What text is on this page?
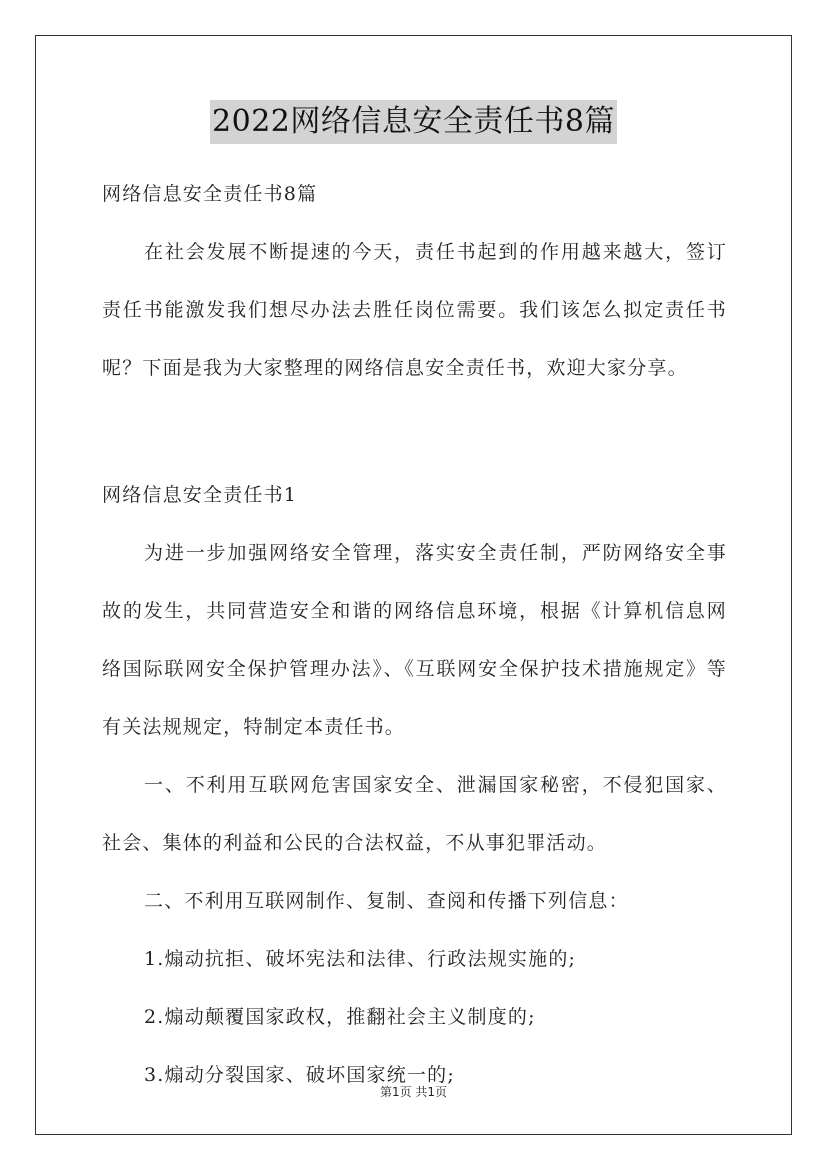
2022网络信息安全责任书8篇
网络信息安全责任书8篇
在社会发展不断提速的今天，责任书起到的作用越来越大，签订
责任书能激发我们想尽办法去胜任岗位需要。我们该怎么拟定责任书
呢？下面是我为大家整理的网络信息安全责任书，欢迎大家分享。
网络信息安全责任书1
为进一步加强网络安全管理，落实安全责任制，严防网络安全事
故的发生，共同营造安全和谐的网络信息环境，根据《计算机信息网
络国际联网安全保护管理办法》、《互联网安全保护技术措施规定》等
有关法规规定，特制定本责任书。
一、不利用互联网危害国家安全、泄漏国家秘密，不侵犯国家、
社会、集体的利益和公民的合法权益，不从事犯罪活动。
二、不利用互联网制作、复制、查阅和传播下列信息：
1.煽动抗拒、破坏宪法和法律、行政法规实施的;
2.煽动颠覆国家政权，推翻社会主义制度的;
3.煽动分裂国家、破坏国家统一的;
第1页 共1页
